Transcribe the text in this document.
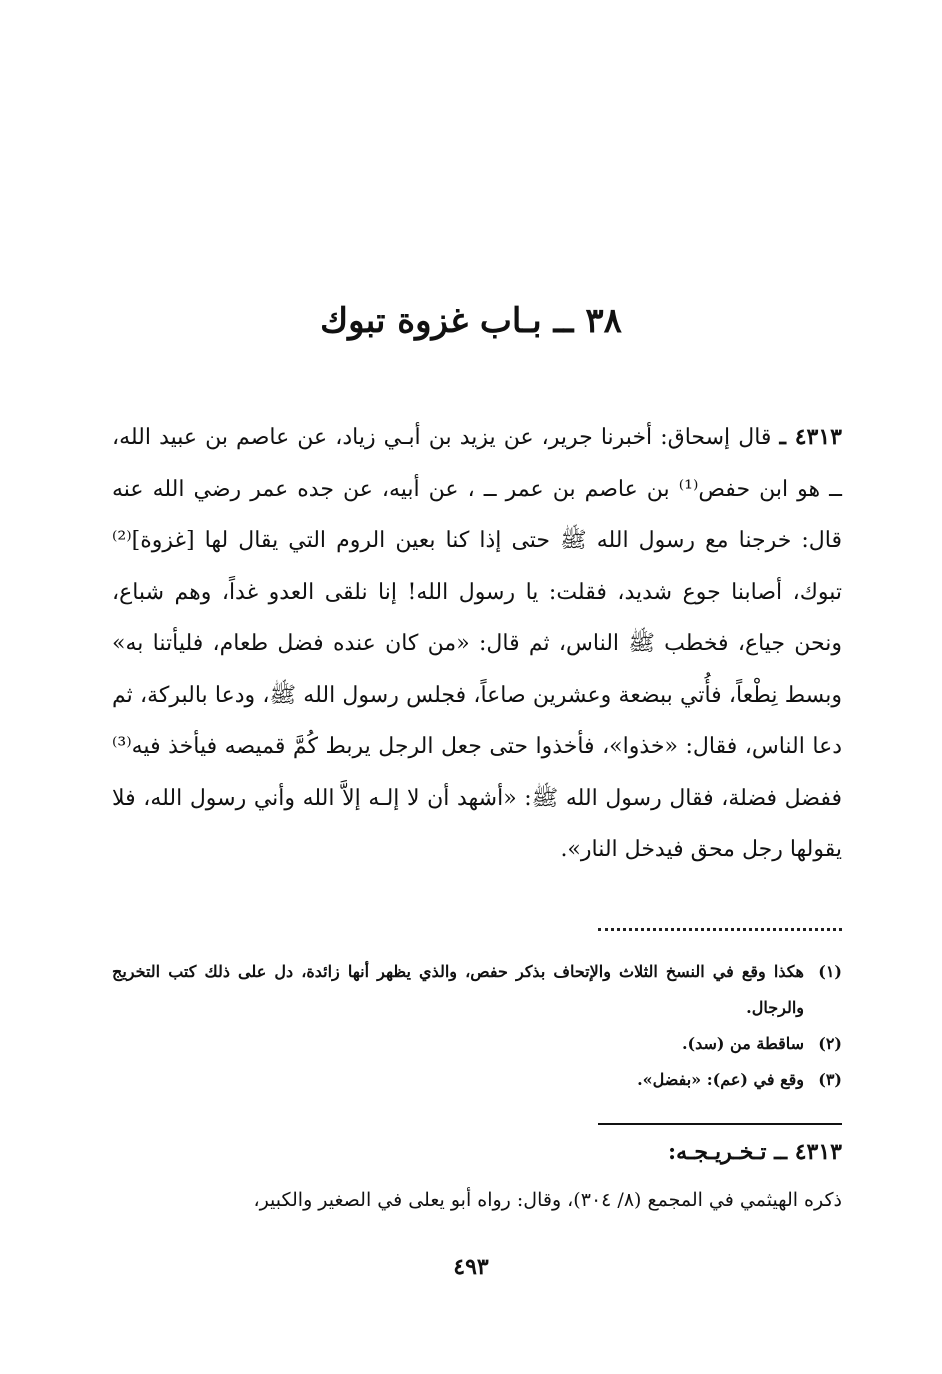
٣٨ ــ بـاب غزوة تبوك

٤٣١٣ ـ قال إسحاق: أخبرنا جرير، عن يزيد بن أبـي زياد، عن عاصم بن عبيد الله، ــ هو ابن حفص⁽¹⁾ بن عاصم بن عمر ــ ، عن أبيه، عن جده عمر رضي الله عنه قال: خرجنا مع رسول الله ﷺ حتى إذا كنا بعين الروم التي يقال لها [غزوة]⁽²⁾ تبوك، أصابنا جوع شديد، فقلت: يا رسول الله! إنا نلقى العدو غداً، وهم شباع، ونحن جياع، فخطب ﷺ الناس، ثم قال: «من كان عنده فضل طعام، فليأتنا به» وبسط نِطْعاً، فأُتي ببضعة وعشرين صاعاً، فجلس رسول الله ﷺ، ودعا بالبركة، ثم دعا الناس، فقال: «خذوا»، فأخذوا حتى جعل الرجل يربط كُمَّ قميصه فيأخذ فيه⁽³⁾ ففضل فضلة، فقال رسول الله ﷺ: «أشهد أن لا إلـه إلاَّ الله وأني رسول الله، فلا يقولها رجل محق فيدخل النار».

(١)
هكذا وقع في النسخ الثلاث والإتحاف بذكر حفص، والذي يظهر أنها زائدة، دل على ذلك كتب التخريج والرجال.
(٢)
ساقطة من (سد).
(٣)
وقع في (عم): «بفضل».
٤٣١٣ ــ تـخـريـجـه:
ذكره الهيثمي في المجمع (٨/ ٣٠٤)، وقال: رواه أبو يعلى في الصغير والكبير،
٤٩٣
